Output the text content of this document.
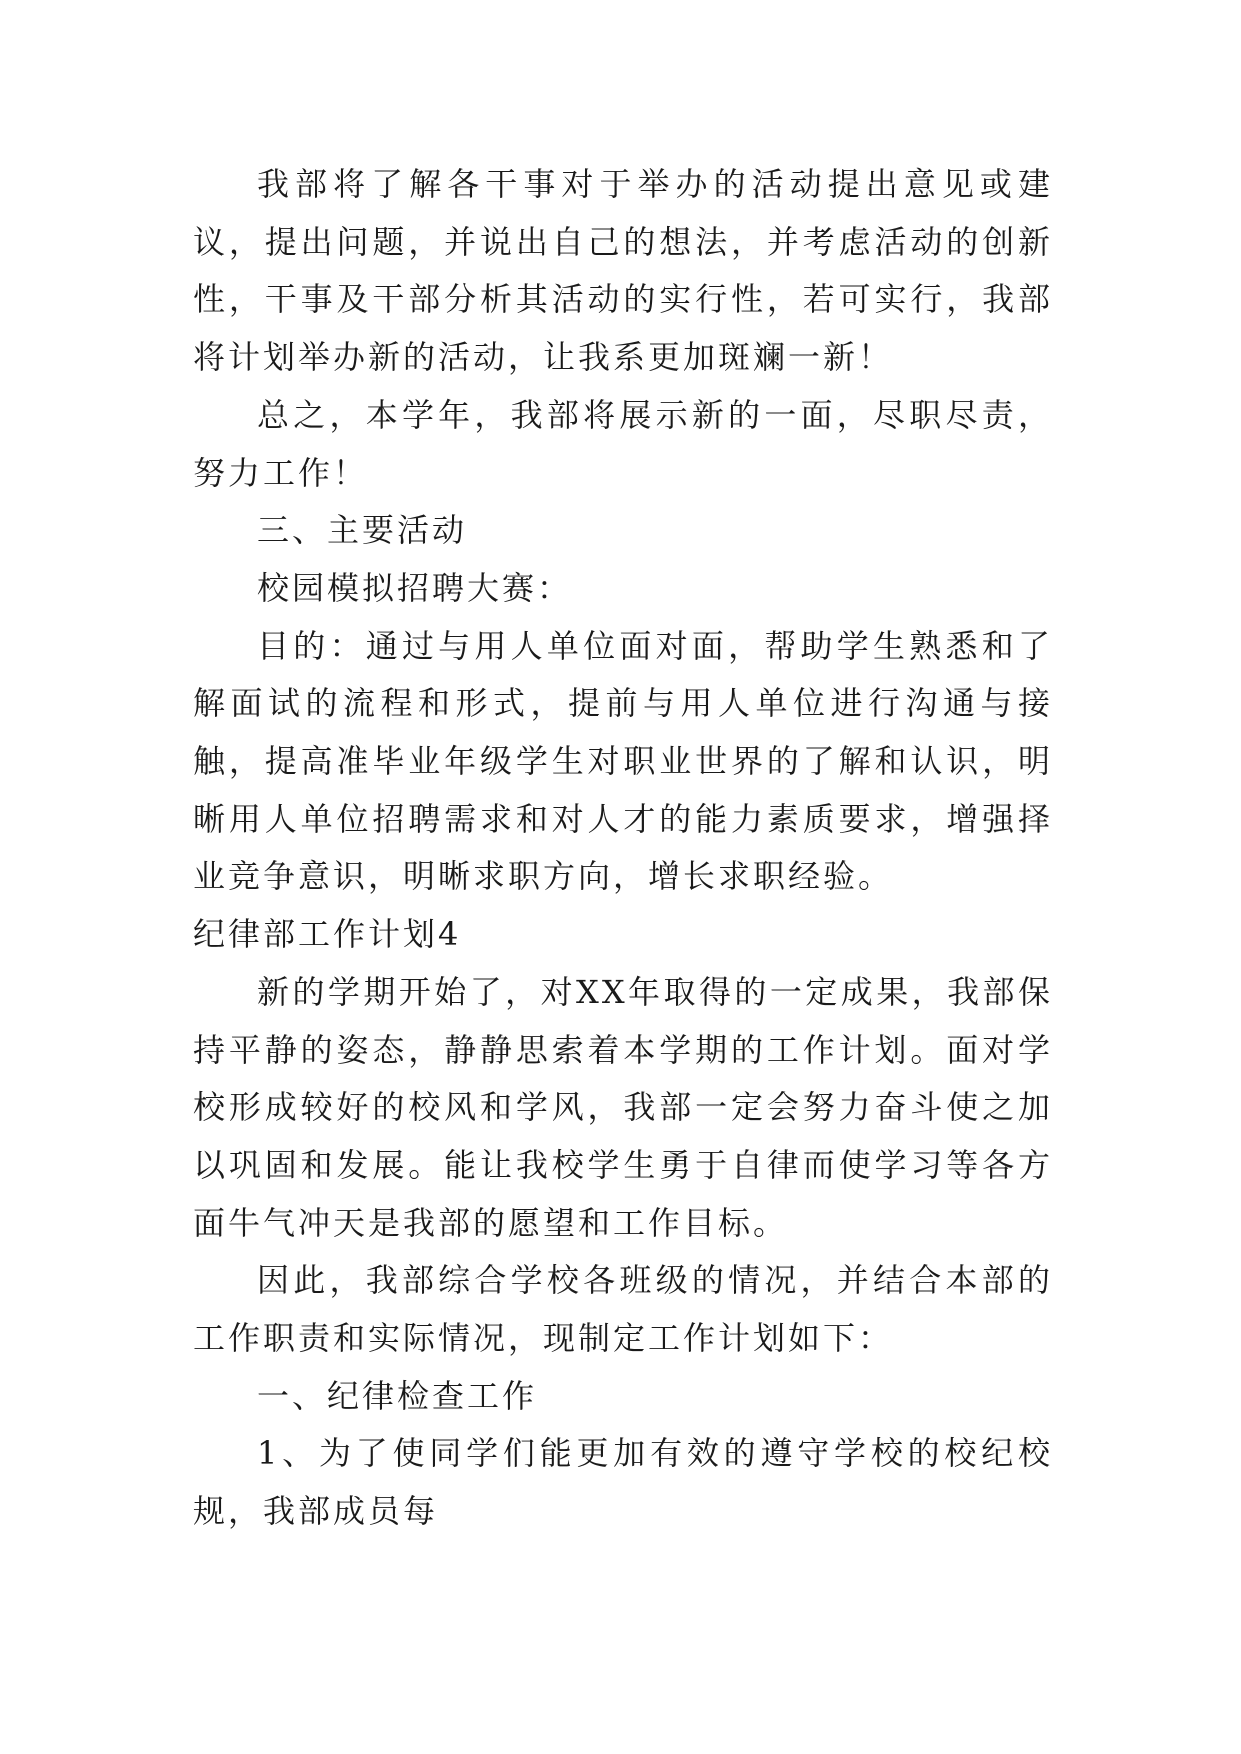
我部将了解各干事对于举办的活动提出意见或建议，提出问题，并说出自己的想法，并考虑活动的创新性，干事及干部分析其活动的实行性，若可实行，我部将计划举办新的活动，让我系更加斑斓一新！

总之，本学年，我部将展示新的一面，尽职尽责，努力工作！

三、主要活动

校园模拟招聘大赛：

目的：通过与用人单位面对面，帮助学生熟悉和了解面试的流程和形式，提前与用人单位进行沟通与接触，提高准毕业年级学生对职业世界的了解和认识，明晰用人单位招聘需求和对人才的能力素质要求，增强择业竞争意识，明晰求职方向，增长求职经验。

纪律部工作计划4

新的学期开始了，对XX年取得的一定成果，我部保持平静的姿态，静静思索着本学期的工作计划。面对学校形成较好的校风和学风，我部一定会努力奋斗使之加以巩固和发展。能让我校学生勇于自律而使学习等各方面牛气冲天是我部的愿望和工作目标。

因此，我部综合学校各班级的情况，并结合本部的工作职责和实际情况，现制定工作计划如下：

一、纪律检查工作

1、为了使同学们能更加有效的遵守学校的校纪校规，我部成员每
